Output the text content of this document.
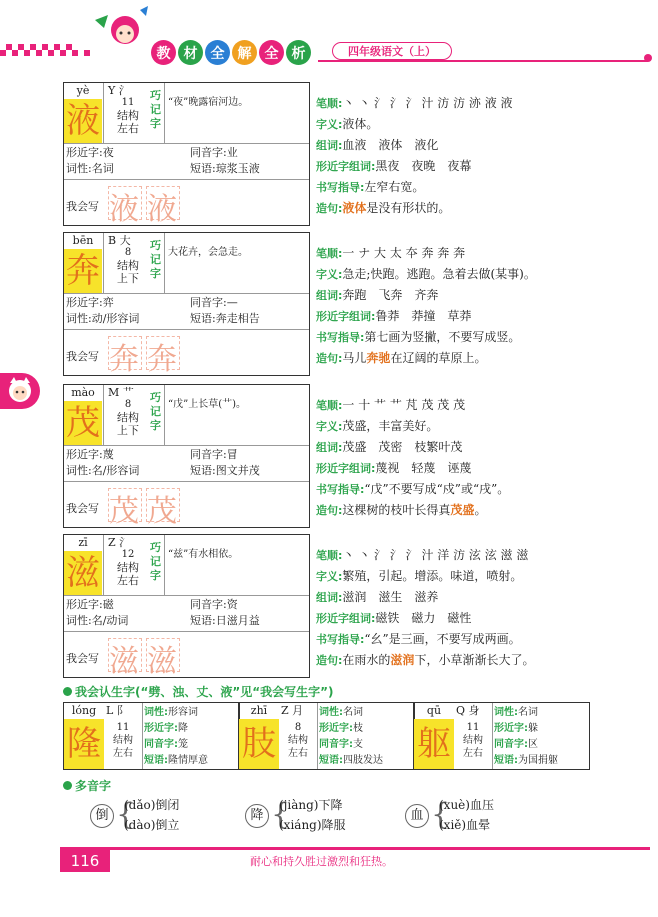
教 材 全 解 全 析	四年级语文（上）
yè
液
Y 氵
11
结构
左右
巧记字
“夜”晚露宿河边。
形近字:夜	同音字:业
词性:名词	短语:琼浆玉液
我会写 液 液
笔顺:丶 丶 氵 氵 氵 汁 汸 汸 洂 液 液
字义:液体。
组词:血液　液体　液化
形近字组词:黑夜　夜晚　夜幕
书写指导:左窄右宽。
造句:液体是没有形状的。
bēn
奔
B 大
8
结构
上下
巧记字
大花卉，会急走。
形近字:弈	同音字:—
词性:动/形容词	短语:奔走相告
我会写 奔 奔
笔顺:一 ナ 大 太 夲 奔 奔 奔
字义:急走;快跑。逃跑。急着去做(某事)。
组词:奔跑　飞奔　齐奔
形近字组词:鲁莽　莽撞　草莽
书写指导:第七画为竖撇，不要写成竖。
造句:马儿奔驰在辽阔的草原上。
mào
茂
M 艹
8
结构
上下
巧记字
“戊”上长草(艹)。
形近字:蔑	同音字:冒
词性:名/形容词	短语:图文并茂
我会写 茂 茂
笔顺:一 十 艹 艹 芃 茂 茂 茂
字义:茂盛，丰富美好。
组词:茂盛　茂密　枝繁叶茂
形近字组词:蔑视　轻蔑　诬蔑
书写指导:“戊”不要写成“戍”或“戌”。
造句:这棵树的枝叶长得真茂盛。
zī
滋
Z 氵
12
结构
左右
巧记字
“兹”有水相依。
形近字:磁	同音字:资
词性:名/动词	短语:日滋月益
我会写 滋 滋
笔顺:丶 丶 氵 氵 氵 汁 洋 汸 泫 泫 滋 滋
字义:繁殖，引起。增添。味道，喷射。
组词:滋润　滋生　滋养
形近字组词:磁铁　磁力　磁性
书写指导:“幺”是三画，不要写成两画。
造句:在雨水的滋润下，小草渐渐长大了。
我会认生字(“劈、浊、丈、液”见“我会写生字”)
lóng
隆
L 阝
11
结构
左右
词性:形容词
形近字:降
同音字:笼
短语:隆情厚意
zhī
肢
Z 月
8
结构
左右
词性:名词
形近字:枝
同音字:支
短语:四肢发达
qū
躯
Q 身
11
结构
左右
词性:名词
形近字:躲
同音字:区
短语:为国捐躯
多音字
倒 {
(dǎo)倒闭
(dào)倒立
降 {
(jiàng)下降
(xiáng)降服
血 {
(xuè)血压
(xiě)血晕
116	耐心和持久胜过激烈和狂热。
